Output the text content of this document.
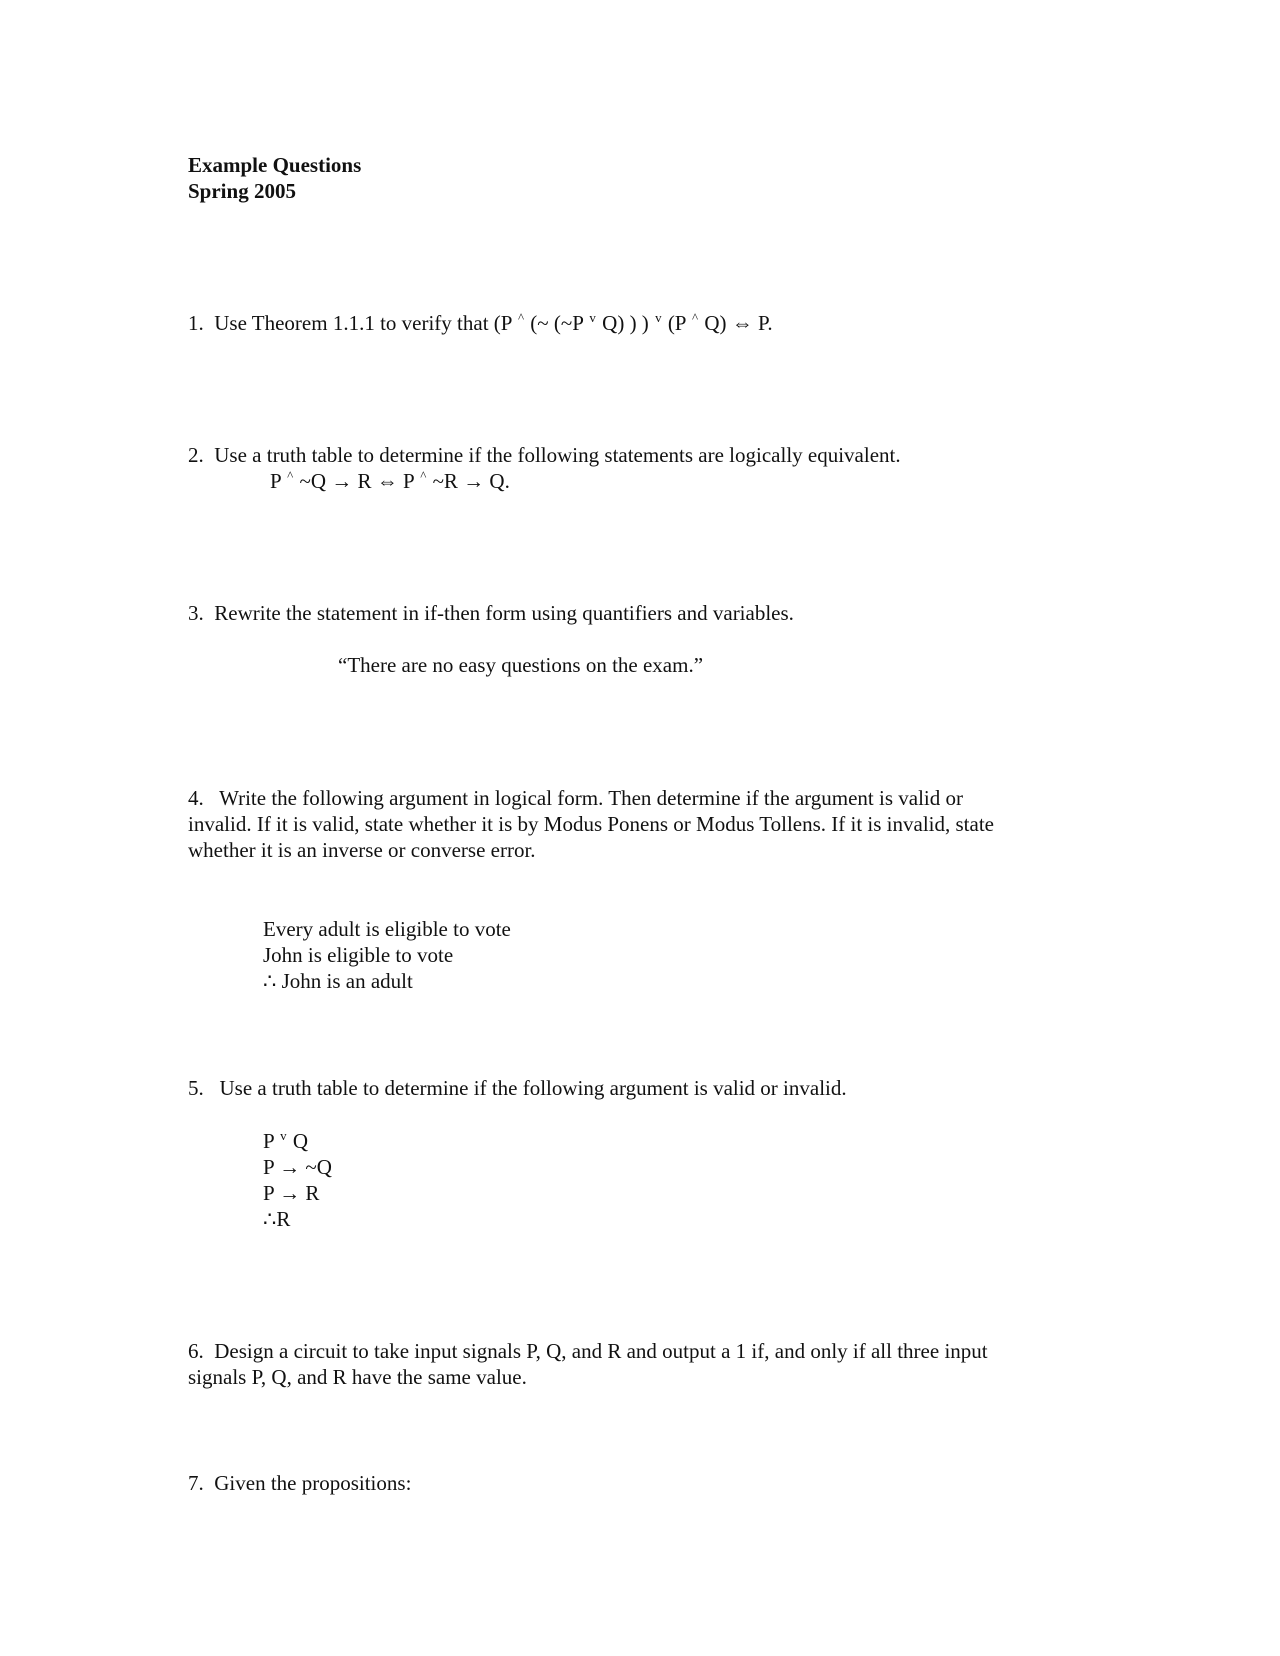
Example Questions
Spring 2005
1. Use Theorem 1.1.1 to verify that (P ^ (~ (~P $^v$ Q) ) ) $^v$ (P ^ Q) ⇔ P.
2. Use a truth table to determine if the following statements are logically equivalent.
P ^ ~Q → R ⇔ P ^ ~R → Q.
3. Rewrite the statement in if-then form using quantifiers and variables.
“There are no easy questions on the exam.”
4. Write the following argument in logical form. Then determine if the argument is valid or
invalid. If it is valid, state whether it is by Modus Ponens or Modus Tollens. If it is invalid, state
whether it is an inverse or converse error.
Every adult is eligible to vote
John is eligible to vote
∴ John is an adult
5. Use a truth table to determine if the following argument is valid or invalid.
P $^v$ Q
P → ~Q
P → R
∴R
6. Design a circuit to take input signals P, Q, and R and output a 1 if, and only if all three input
signals P, Q, and R have the same value.
7. Given the propositions:
